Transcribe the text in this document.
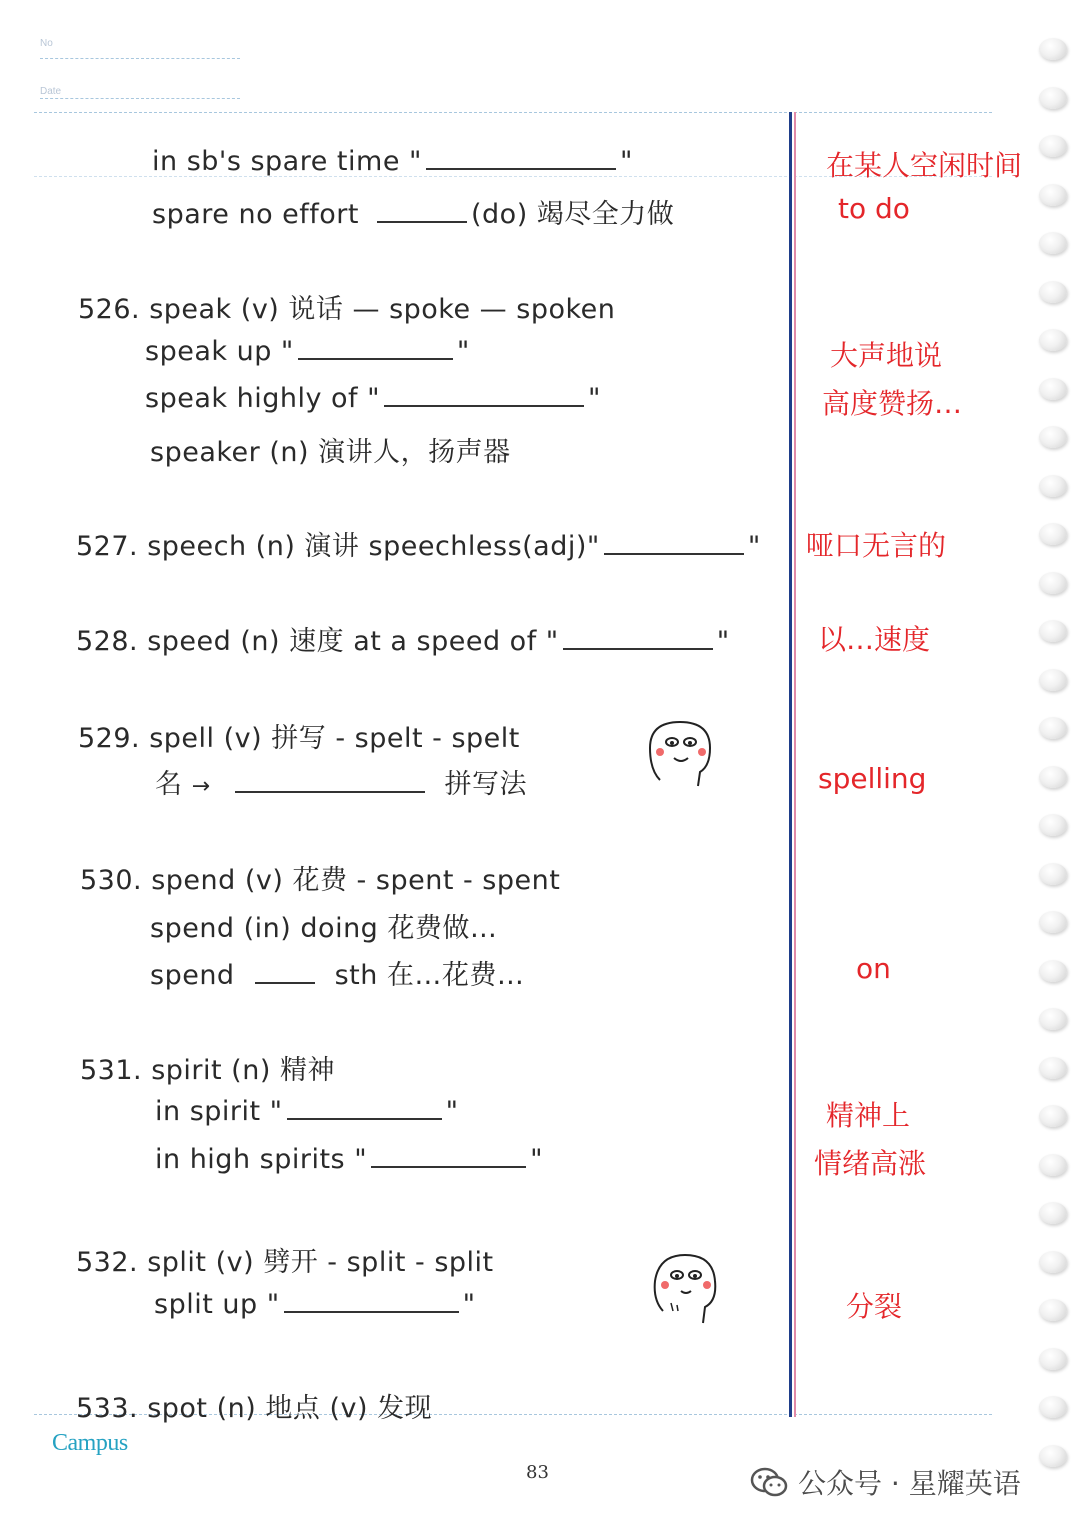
No
Date
in sb's spare time "	"
spare no effort	(do) 竭尽全力做
526. speak (v) 说话 — spoke — spoken
speak up "	"
speak highly of "	"
speaker (n) 演讲人，扬声器
527. speech (n) 演讲 speechless(adj)"	"
528. speed (n) 速度 at a speed of "	"
529. spell (v) 拼写 - spelt - spelt
名 →	拼写法
530. spend (v) 花费 - spent - spent
spend (in) doing 花费做…
spend	sth 在…花费…
531. spirit (n) 精神
in spirit "	"
in high spirits "	"
532. split (v) 劈开 - split - split
split up "	"
533. spot (n) 地点 (v) 发现
在某人空闲时间
to do
大声地说
高度赞扬…
哑口无言的
以…速度
spelling
on
精神上
情绪高涨
分裂
Campus
83	公众号 · 星耀英语
